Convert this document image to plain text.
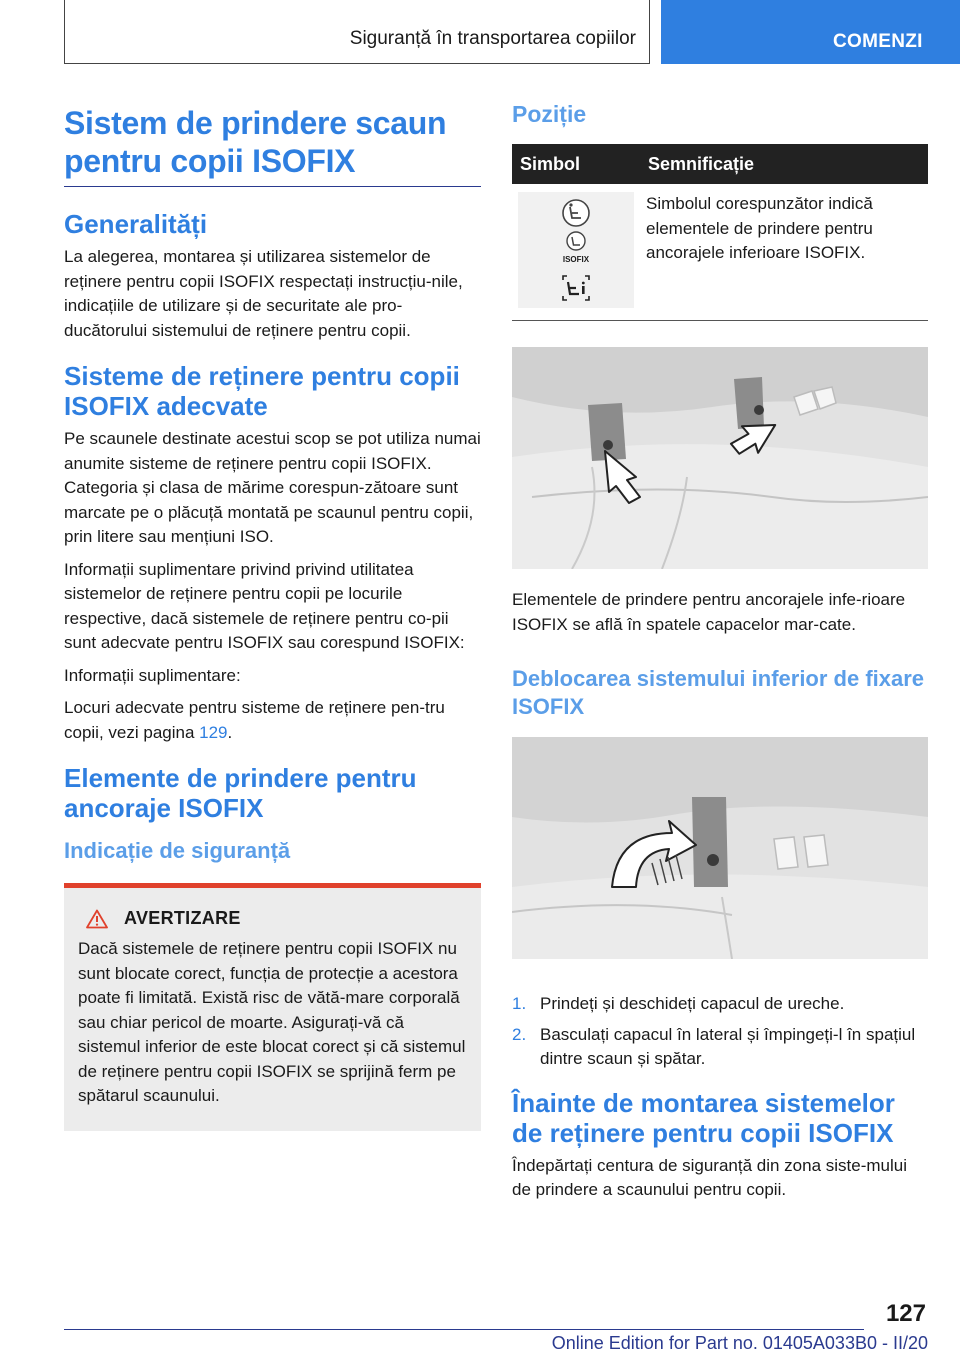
Siguranță în transportarea copiilor	COMENZI
Sistem de prindere scaun pentru copii ISOFIX
Generalități

La alegerea, montarea și utilizarea sistemelor de reținere pentru copii ISOFIX respectați instrucțiu-nile, indicațiile de utilizare și de securitate ale pro-ducătorului sistemului de reținere pentru copii.

Sisteme de reținere pentru copii ISOFIX adecvate

Pe scaunele destinate acestui scop se pot utiliza numai anumite sisteme de reținere pentru copii ISOFIX. Categoria și clasa de mărime corespun-zătoare sunt marcate pe o plăcuță montată pe scaunul pentru copii, prin litere sau mențiuni ISO.

Informații suplimentare privind privind utilitatea sistemelor de reținere pentru copii pe locurile respective, dacă sistemele de reținere pentru co-pii sunt adecvate pentru ISOFIX sau corespund ISOFIX:

Informații suplimentare:

Locuri adecvate pentru sisteme de reținere pen-tru copii, vezi pagina 129.

Elemente de prindere pentru ancoraje ISOFIX
Indicație de siguranță
AVERTIZARE

Dacă sistemele de reținere pentru copii ISOFIX nu sunt blocate corect, funcția de protecție a acestora poate fi limitată. Există risc de vătă-mare corporală sau chiar pericol de moarte. Asigurați-vă că sistemul inferior de este blocat corect și că sistemul de reținere pentru copii ISOFIX se sprijină ferm pe spătarul scaunului.

Poziție
Simbol	Semnificație

ISOFIX	Simbolul corespunzător indică elementele de prindere pentru ancorajele inferioare ISOFIX.

Elementele de prindere pentru ancorajele infe-rioare ISOFIX se află în spatele capacelor mar-cate.

Deblocarea sistemului inferior de fixare ISOFIX
1. Prindeți și deschideți capacul de ureche.
2. Basculați capacul în lateral și împingeți-l în spațiul dintre scaun și spătar.
Înainte de montarea sistemelor de reținere pentru copii ISOFIX

Îndepărtați centura de siguranță din zona siste-mului de prindere a scaunului pentru copii.

127
Online Edition for Part no. 01405A033B0 - II/20
